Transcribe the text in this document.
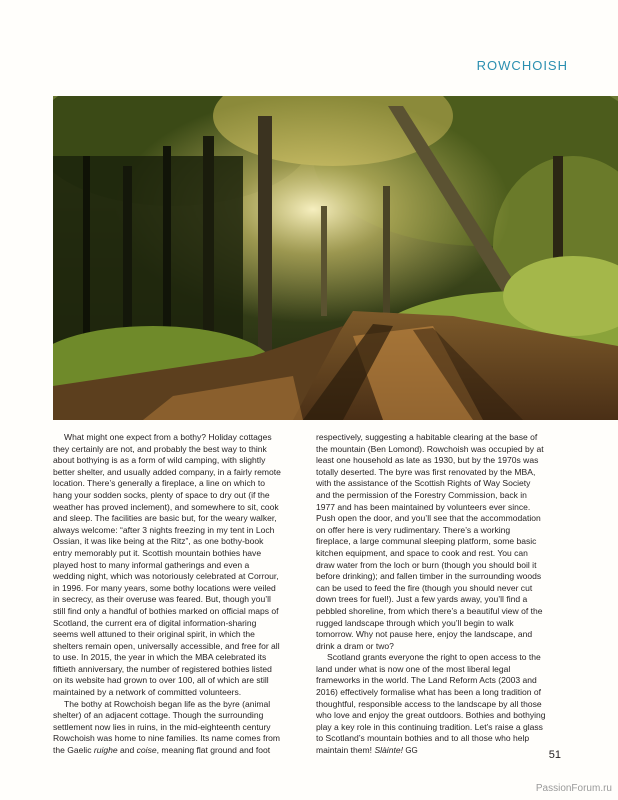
ROWCHOISH

What might one expect from a bothy? Holiday cottages they certainly are not, and probably the best way to think about bothying is as a form of wild camping, with slightly better shelter, and usually added company, in a fairly remote location. There’s generally a fireplace, a line on which to hang your sodden socks, plenty of space to dry out (if the weather has proved inclement), and somewhere to sit, cook and sleep. The facilities are basic but, for the weary walker, always welcome: “after 3 nights freezing in my tent in Loch Ossian, it was like being at the Ritz”, as one bothy-book entry memorably put it. Scottish mountain bothies have played host to many informal gatherings and even a wedding night, which was notoriously celebrated at Corrour, in 1996. For many years, some bothy locations were veiled in secrecy, as their overuse was feared. But, though you’ll still find only a handful of bothies marked on official maps of Scotland, the current era of digital information-sharing seems well attuned to their original spirit, in which the shelters remain open, universally accessible, and free for all to use. In 2015, the year in which the MBA celebrated its fiftieth anniversary, the number of registered bothies listed on its website had grown to over 100, all of which are still maintained by a network of committed volunteers.

The bothy at Rowchoish began life as the byre (animal shelter) of an adjacent cottage. Though the surrounding settlement now lies in ruins, in the mid-eighteenth century Rowchoish was home to nine families. Its name comes from the Gaelic ruighe and coise, meaning flat ground and foot

respectively, suggesting a habitable clearing at the base of the mountain (Ben Lomond). Rowchoish was occupied by at least one household as late as 1930, but by the 1970s was totally deserted. The byre was first renovated by the MBA, with the assistance of the Scottish Rights of Way Society and the permission of the Forestry Commission, back in 1977 and has been maintained by volunteers ever since. Push open the door, and you’ll see that the accommodation on offer here is very rudimentary. There’s a working fireplace, a large communal sleeping platform, some basic kitchen equipment, and space to cook and rest. You can draw water from the loch or burn (though you should boil it before drinking); and fallen timber in the surrounding woods can be used to feed the fire (though you should never cut down trees for fuel!). Just a few yards away, you’ll find a pebbled shoreline, from which there’s a beautiful view of the rugged landscape through which you’ll begin to walk tomorrow. Why not pause here, enjoy the landscape, and drink a dram or two?

Scotland grants everyone the right to open access to the land under what is now one of the most liberal legal frameworks in the world. The Land Reform Acts (2003 and 2016) effectively formalise what has been a long tradition of thoughtful, responsible access to the landscape by all those who love and enjoy the great outdoors. Bothies and bothying play a key role in this continuing tradition. Let’s raise a glass to Scotland’s mountain bothies and to all those who help maintain them! Slàinte! GG	51
PassionForum.ru
